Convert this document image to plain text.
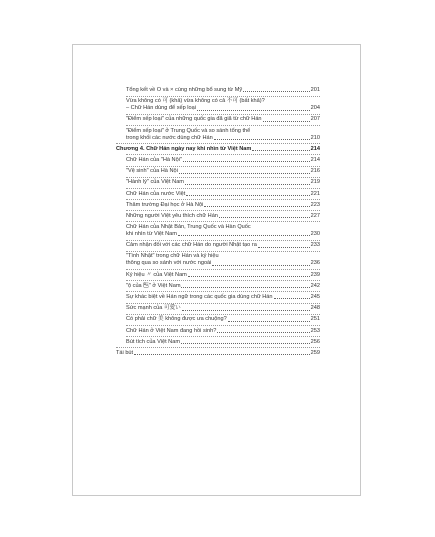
Tổng kết về Ο và × cùng những bổ sung từ Mỹ	201
Vừa không có 可 (khả) vừa không có cả 不可 (bất khả)?
– Chữ Hán dùng để xếp loại	204
"Điểm xếp loại" của những quốc gia đã giã từ chữ Hán	207
"Điểm xếp loại" ở Trung Quốc và so sánh tổng thể
trong khối các nước dùng chữ Hán	210
Chương 4. Chữ Hán ngày nay khi nhìn từ Việt Nam	214
Chữ Hán của "Hà Nội"	214
"Vệ sinh" của Hà Nội	216
"Hành lý" của Việt Nam	219
Chữ Hán của nước Việt	221
Thâm trường Đại học ở Hà Nội	223
Những người Việt yêu thích chữ Hán	227
Chữ Hán của Nhật Bản, Trung Quốc và Hàn Quốc
khi nhìn từ Việt Nam	230
Cảm nhận đối với các chữ Hán do người Nhật tạo ra	233
"Tình Nhật" trong chữ Hán và ký hiệu
thông qua so sánh với nước ngoài	236
Ký hiệu 〃 của Việt Nam	239
"ộ của 𠀧" ở Việt Nam	242
Sự khác biệt về Hán ngữ trong các quốc gia dùng chữ Hán	245
Sức mạnh của 可愛い	248
Có phải chữ 美 không được ưa chuộng?	251
Chữ Hán ở Việt Nam đang hồi sinh?	253
Bút tích của Việt Nam	256
Tái bút	259
